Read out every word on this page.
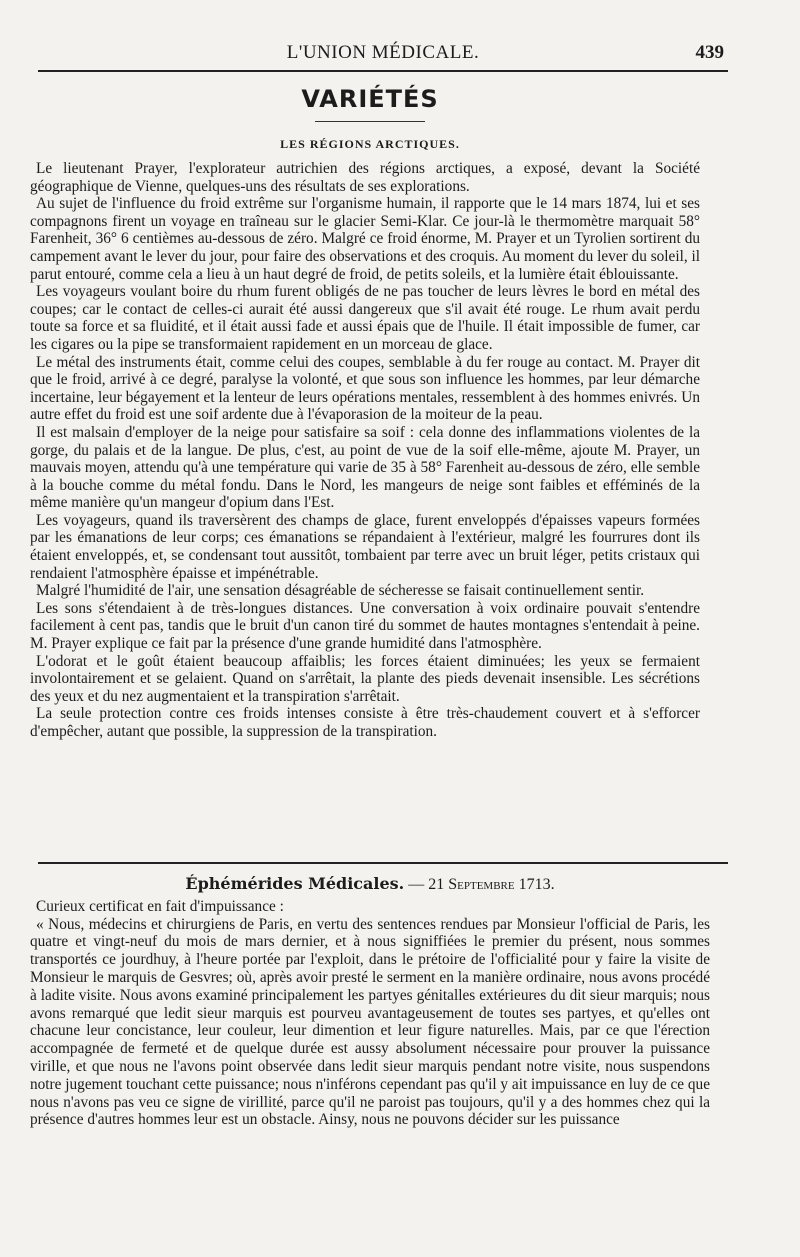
L'UNION MÉDICALE.	439
VARIÉTÉS
LES RÉGIONS ARCTIQUES.

Le lieutenant Prayer, l'explorateur autrichien des régions arctiques, a exposé, devant la Société géographique de Vienne, quelques-uns des résultats de ses explorations.

Au sujet de l'influence du froid extrême sur l'organisme humain, il rapporte que le 14 mars 1874, lui et ses compagnons firent un voyage en traîneau sur le glacier Semi-Klar. Ce jour-là le thermomètre marquait 58° Farenheit, 36° 6 centièmes au-dessous de zéro. Malgré ce froid énorme, M. Prayer et un Tyrolien sortirent du campement avant le lever du jour, pour faire des observations et des croquis. Au moment du lever du soleil, il parut entouré, comme cela a lieu à un haut degré de froid, de petits soleils, et la lumière était éblouissante.

Les voyageurs voulant boire du rhum furent obligés de ne pas toucher de leurs lèvres le bord en métal des coupes; car le contact de celles-ci aurait été aussi dangereux que s'il avait été rouge. Le rhum avait perdu toute sa force et sa fluidité, et il était aussi fade et aussi épais que de l'huile. Il était impossible de fumer, car les cigares ou la pipe se transformaient rapidement en un morceau de glace.

Le métal des instruments était, comme celui des coupes, semblable à du fer rouge au contact. M. Prayer dit que le froid, arrivé à ce degré, paralyse la volonté, et que sous son influence les hommes, par leur démarche incertaine, leur bégayement et la lenteur de leurs opérations mentales, ressemblent à des hommes enivrés. Un autre effet du froid est une soif ardente due à l'évaporasion de la moiteur de la peau.

Il est malsain d'employer de la neige pour satisfaire sa soif : cela donne des inflammations violentes de la gorge, du palais et de la langue. De plus, c'est, au point de vue de la soif elle-même, ajoute M. Prayer, un mauvais moyen, attendu qu'à une température qui varie de 35 à 58° Farenheit au-dessous de zéro, elle semble à la bouche comme du métal fondu. Dans le Nord, les mangeurs de neige sont faibles et efféminés de la même manière qu'un mangeur d'opium dans l'Est.

Les voyageurs, quand ils traversèrent des champs de glace, furent enveloppés d'épaisses vapeurs formées par les émanations de leur corps; ces émanations se répandaient à l'extérieur, malgré les fourrures dont ils étaient enveloppés, et, se condensant tout aussitôt, tombaient par terre avec un bruit léger, petits cristaux qui rendaient l'atmosphère épaisse et impénétrable.

Malgré l'humidité de l'air, une sensation désagréable de sécheresse se faisait continuellement sentir.

Les sons s'étendaient à de très-longues distances. Une conversation à voix ordinaire pouvait s'entendre facilement à cent pas, tandis que le bruit d'un canon tiré du sommet de hautes montagnes s'entendait à peine. M. Prayer explique ce fait par la présence d'une grande humidité dans l'atmosphère.

L'odorat et le goût étaient beaucoup affaiblis; les forces étaient diminuées; les yeux se fermaient involontairement et se gelaient. Quand on s'arrêtait, la plante des pieds devenait insensible. Les sécrétions des yeux et du nez augmentaient et la transpiration s'arrêtait.

La seule protection contre ces froids intenses consiste à être très-chaudement couvert et à s'efforcer d'empêcher, autant que possible, la suppression de la transpiration.

Éphémérides Médicales. — 21 Septembre 1713.

Curieux certificat en fait d'impuissance :

« Nous, médecins et chirurgiens de Paris, en vertu des sentences rendues par Monsieur l'official de Paris, les quatre et vingt-neuf du mois de mars dernier, et à nous signiffiées le premier du présent, nous sommes transportés ce jourdhuy, à l'heure portée par l'exploit, dans le prétoire de l'officialité pour y faire la visite de Monsieur le marquis de Gesvres; où, après avoir presté le serment en la manière ordinaire, nous avons procédé à ladite visite. Nous avons examiné principalement les partyes génitalles extérieures du dit sieur marquis; nous avons remarqué que ledit sieur marquis est pourveu avantageusement de toutes ses partyes, et qu'elles ont chacune leur concistance, leur couleur, leur dimention et leur figure naturelles. Mais, par ce que l'érection accompagnée de fermeté et de quelque durée est aussy absolument nécessaire pour prouver la puissance virille, et que nous ne l'avons point observée dans ledit sieur marquis pendant notre visite, nous suspendons notre jugement touchant cette puissance; nous n'inférons cependant pas qu'il y ait impuissance en luy de ce que nous n'avons pas veu ce signe de virillité, parce qu'il ne paroist pas toujours, qu'il y a des hommes chez qui la présence d'autres hommes leur est un obstacle. Ainsy, nous ne pouvons décider sur les puissance
